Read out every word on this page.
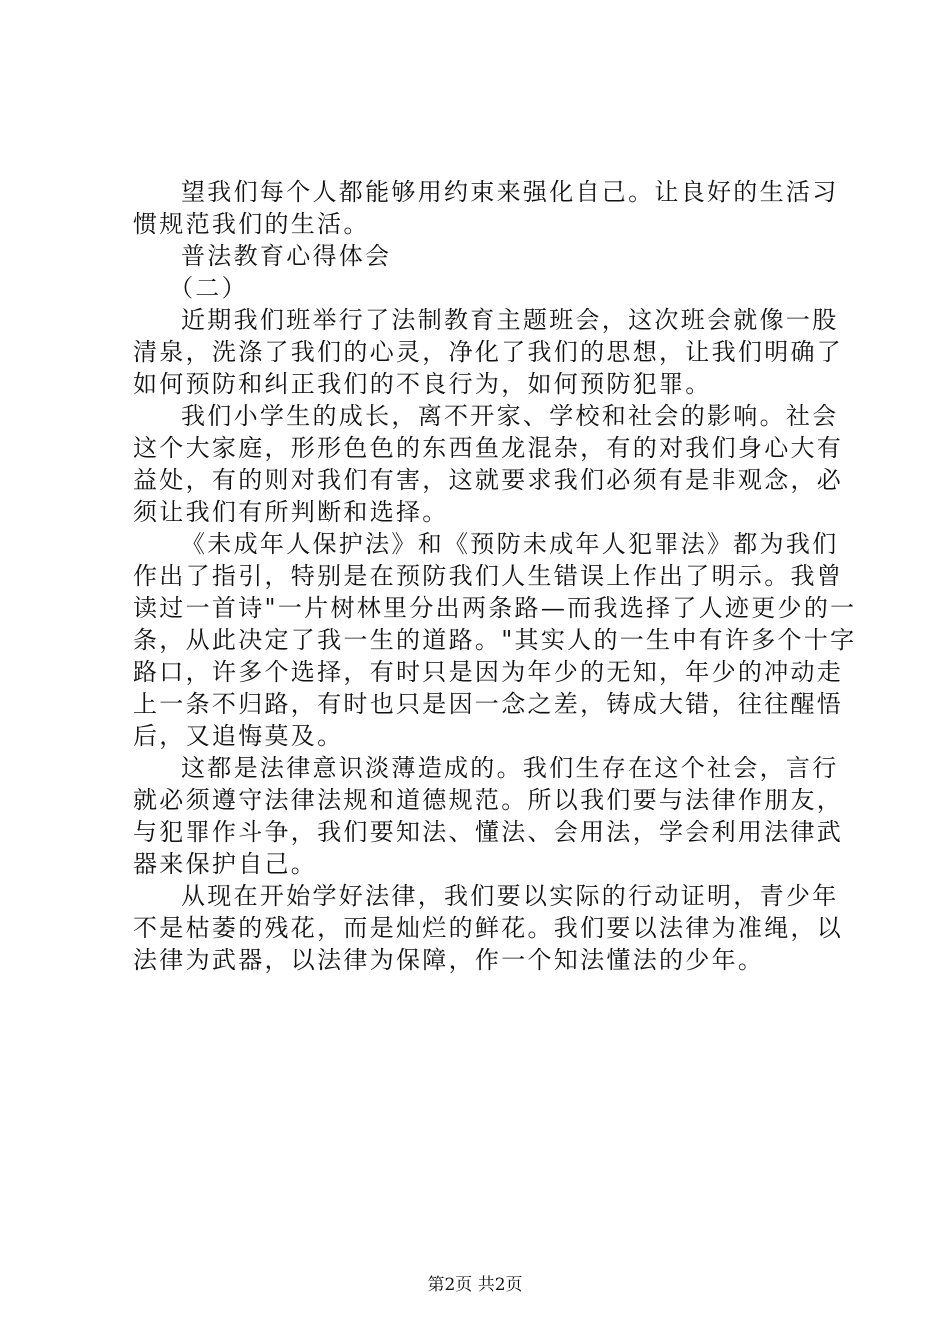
望我们每个人都能够用约束来强化自己。让良好的生活习
惯规范我们的生活。
普法教育心得体会
（二）
近期我们班举行了法制教育主题班会，这次班会就像一股
清泉，洗涤了我们的心灵，净化了我们的思想，让我们明确了
如何预防和纠正我们的不良行为，如何预防犯罪。
我们小学生的成长，离不开家、学校和社会的影响。社会
这个大家庭，形形色色的东西鱼龙混杂，有的对我们身心大有
益处，有的则对我们有害，这就要求我们必须有是非观念，必
须让我们有所判断和选择。
《未成年人保护法》和《预防未成年人犯罪法》都为我们
作出了指引，特别是在预防我们人生错误上作出了明示。我曾
读过一首诗"一片树林里分出两条路—而我选择了人迹更少的一
条，从此决定了我一生的道路。"其实人的一生中有许多个十字
路口，许多个选择，有时只是因为年少的无知，年少的冲动走
上一条不归路，有时也只是因一念之差，铸成大错，往往醒悟
后，又追悔莫及。
这都是法律意识淡薄造成的。我们生存在这个社会，言行
就必须遵守法律法规和道德规范。所以我们要与法律作朋友，
与犯罪作斗争，我们要知法、懂法、会用法，学会利用法律武
器来保护自己。
从现在开始学好法律，我们要以实际的行动证明，青少年
不是枯萎的残花，而是灿烂的鲜花。我们要以法律为准绳，以
法律为武器，以法律为保障，作一个知法懂法的少年。
第2页 共2页
